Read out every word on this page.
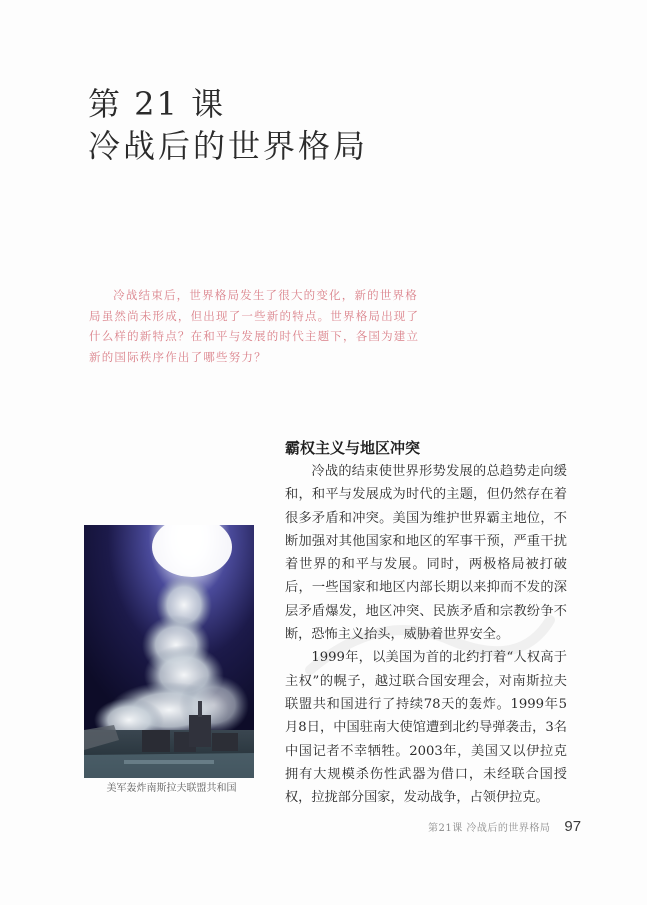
第 21 课
冷战后的世界格局

冷战结束后，世界格局发生了很大的变化，新的世界格局虽然尚未形成，但出现了一些新的特点。世界格局出现了什么样的新特点？在和平与发展的时代主题下，各国为建立新的国际秩序作出了哪些努力？

霸权主义与地区冲突

冷战的结束使世界形势发展的总趋势走向缓和，和平与发展成为时代的主题，但仍然存在着很多矛盾和冲突。美国为维护世界霸主地位，不断加强对其他国家和地区的军事干预，严重干扰着世界的和平与发展。同时，两极格局被打破后，一些国家和地区内部长期以来抑而不发的深层矛盾爆发，地区冲突、民族矛盾和宗教纷争不断，恐怖主义抬头，威胁着世界安全。

1999年，以美国为首的北约打着“人权高于主权”的幌子，越过联合国安理会，对南斯拉夫联盟共和国进行了持续78天的轰炸。1999年5月8日，中国驻南大使馆遭到北约导弹袭击，3名中国记者不幸牺牲。2003年，美国又以伊拉克拥有大规模杀伤性武器为借口，未经联合国授权，拉拢部分国家，发动战争，占领伊拉克。

美军轰炸南斯拉夫联盟共和国
第21课 冷战后的世界格局 97
